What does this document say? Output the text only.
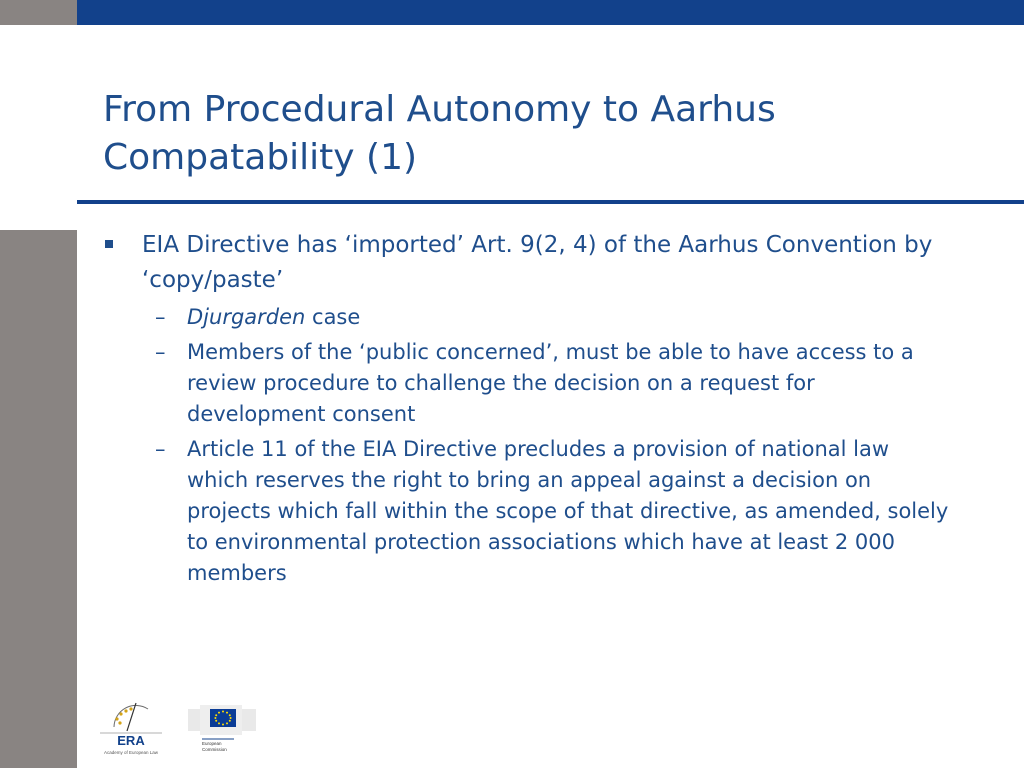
From Procedural Autonomy to Aarhus Compatability (1)
EIA Directive has ‘imported’ Art. 9(2, 4) of the Aarhus Convention by ‘copy/paste’
– Djurgarden case
– Members of the ‘public concerned’, must be able to have access to a review procedure to challenge the decision on a request for development consent
– Article 11 of the EIA Directive precludes a provision of national law which reserves the right to bring an appeal against a decision on projects which fall within the scope of that directive, as amended, solely to environmental protection associations which have at least 2 000 members
ERA
Academy of European Law
European
Commission
